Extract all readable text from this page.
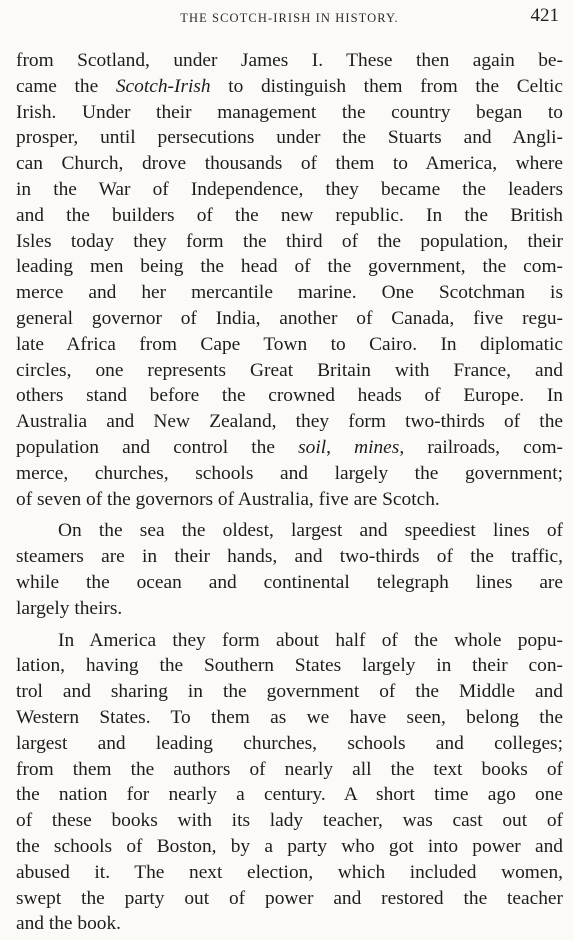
THE SCOTCH-IRISH IN HISTORY.	421

from Scotland, under James I. These then again be-
came the Scotch-Irish to distinguish them from the Celtic
Irish. Under their management the country began to
prosper, until persecutions under the Stuarts and Angli-
can Church, drove thousands of them to America, where
in the War of Independence, they became the leaders
and the builders of the new republic. In the British
Isles today they form the third of the population, their
leading men being the head of the government, the com-
merce and her mercantile marine. One Scotchman is
general governor of India, another of Canada, five regu-
late Africa from Cape Town to Cairo. In diplomatic
circles, one represents Great Britain with France, and
others stand before the crowned heads of Europe. In
Australia and New Zealand, they form two-thirds of the
population and control the soil, mines, railroads, com-
merce, churches, schools and largely the government;
of seven of the governors of Australia, five are Scotch.

On the sea the oldest, largest and speediest lines of
steamers are in their hands, and two-thirds of the traffic,
while the ocean and continental telegraph lines are
largely theirs.

In America they form about half of the whole popu-
lation, having the Southern States largely in their con-
trol and sharing in the government of the Middle and
Western States. To them as we have seen, belong the
largest and leading churches, schools and colleges;
from them the authors of nearly all the text books of
the nation for nearly a century. A short time ago one
of these books with its lady teacher, was cast out of
the schools of Boston, by a party who got into power and
abused it. The next election, which included women,
swept the party out of power and restored the teacher
and the book.
